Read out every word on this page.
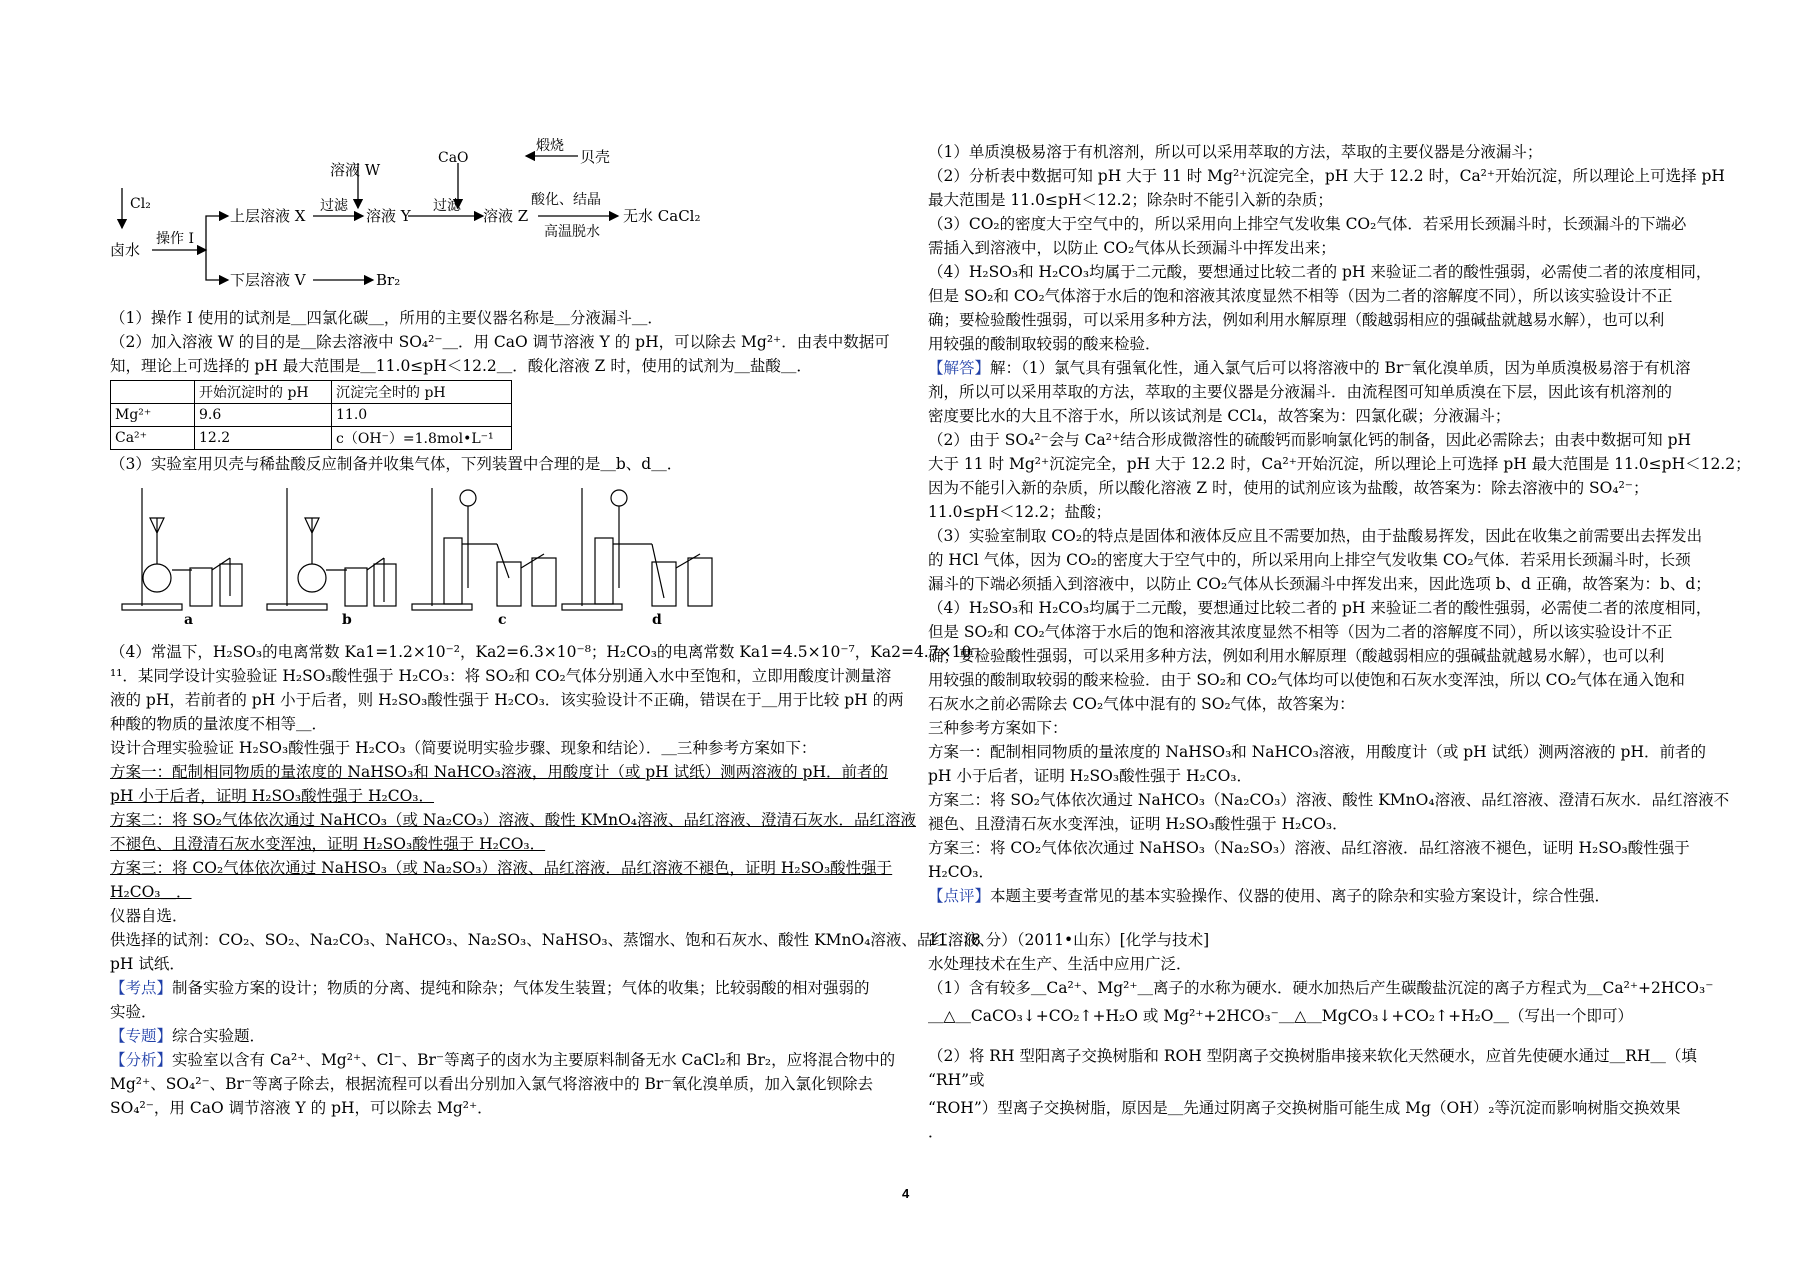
Cl₂
卤水
操作 I
上层溶液 X
下层溶液 V	Br₂
溶液 W
过滤
溶液 Y
CaO
煅烧
贝壳
过滤
溶液 Z
酸化、结晶
高温脱水
无水 CaCl₂

（1）操作 I 使用的试剂是＿四氯化碳＿，所用的主要仪器名称是＿分液漏斗＿．

（2）加入溶液 W 的目的是＿除去溶液中 SO₄²⁻＿．用 CaO 调节溶液 Y 的 pH，可以除去 Mg²⁺．由表中数据可

知，理论上可选择的 pH 最大范围是＿11.0≤pH＜12.2＿．酸化溶液 Z 时，使用的试剂为＿盐酸＿．

	开始沉淀时的 pH	沉淀完全时的 pH
Mg²⁺	9.6	11.0
Ca²⁺	12.2	c（OH⁻）=1.8mol•L⁻¹

（3）实验室用贝壳与稀盐酸反应制备并收集气体，下列装置中合理的是＿b、d＿．

a	b	c	d

（4）常温下，H₂SO₃的电离常数 Ka1=1.2×10⁻²，Ka2=6.3×10⁻⁸；H₂CO₃的电离常数 Ka1=4.5×10⁻⁷，Ka2=4.7×10⁻

¹¹．某同学设计实验验证 H₂SO₃酸性强于 H₂CO₃：将 SO₂和 CO₂气体分别通入水中至饱和，立即用酸度计测量溶

液的 pH，若前者的 pH 小于后者，则 H₂SO₃酸性强于 H₂CO₃．该实验设计不正确，错误在于＿用于比较 pH 的两

种酸的物质的量浓度不相等＿．

设计合理实验验证 H₂SO₃酸性强于 H₂CO₃（简要说明实验步骤、现象和结论）．＿三种参考方案如下：

方案一：配制相同物质的量浓度的 NaHSO₃和 NaHCO₃溶液，用酸度计（或 pH 试纸）测两溶液的 pH．前者的

pH 小于后者，证明 H₂SO₃酸性强于 H₂CO₃．

方案二：将 SO₂气体依次通过 NaHCO₃（或 Na₂CO₃）溶液、酸性 KMnO₄溶液、品红溶液、澄清石灰水．品红溶液

不褪色、且澄清石灰水变浑浊，证明 H₂SO₃酸性强于 H₂CO₃．

方案三：将 CO₂气体依次通过 NaHSO₃（或 Na₂SO₃）溶液、品红溶液．品红溶液不褪色，证明 H₂SO₃酸性强于

H₂CO₃＿．

仪器自选．

供选择的试剂：CO₂、SO₂、Na₂CO₃、NaHCO₃、Na₂SO₃、NaHSO₃、蒸馏水、饱和石灰水、酸性 KMnO₄溶液、品红溶液、

pH 试纸．

【考点】制备实验方案的设计；物质的分离、提纯和除杂；气体发生装置；气体的收集；比较弱酸的相对强弱的

实验．

【专题】综合实验题．

【分析】实验室以含有 Ca²⁺、Mg²⁺、Cl⁻、Br⁻等离子的卤水为主要原料制备无水 CaCl₂和 Br₂，应将混合物中的

Mg²⁺、SO₄²⁻、Br⁻等离子除去，根据流程可以看出分别加入氯气将溶液中的 Br⁻氧化溴单质，加入氯化钡除去

SO₄²⁻，用 CaO 调节溶液 Y 的 pH，可以除去 Mg²⁺．

（1）单质溴极易溶于有机溶剂，所以可以采用萃取的方法，萃取的主要仪器是分液漏斗；

（2）分析表中数据可知 pH 大于 11 时 Mg²⁺沉淀完全，pH 大于 12.2 时，Ca²⁺开始沉淀，所以理论上可选择 pH

最大范围是 11.0≤pH＜12.2；除杂时不能引入新的杂质；

（3）CO₂的密度大于空气中的，所以采用向上排空气发收集 CO₂气体．若采用长颈漏斗时，长颈漏斗的下端必

需插入到溶液中，以防止 CO₂气体从长颈漏斗中挥发出来；

（4）H₂SO₃和 H₂CO₃均属于二元酸，要想通过比较二者的 pH 来验证二者的酸性强弱，必需使二者的浓度相同，

但是 SO₂和 CO₂气体溶于水后的饱和溶液其浓度显然不相等（因为二者的溶解度不同），所以该实验设计不正

确；要检验酸性强弱，可以采用多种方法，例如利用水解原理（酸越弱相应的强碱盐就越易水解），也可以利

用较强的酸制取较弱的酸来检验．

【解答】解：（1）氯气具有强氧化性，通入氯气后可以将溶液中的 Br⁻氧化溴单质，因为单质溴极易溶于有机溶

剂，所以可以采用萃取的方法，萃取的主要仪器是分液漏斗．由流程图可知单质溴在下层，因此该有机溶剂的

密度要比水的大且不溶于水，所以该试剂是 CCl₄，故答案为：四氯化碳；分液漏斗；

（2）由于 SO₄²⁻会与 Ca²⁺结合形成微溶性的硫酸钙而影响氯化钙的制备，因此必需除去；由表中数据可知 pH

大于 11 时 Mg²⁺沉淀完全，pH 大于 12.2 时，Ca²⁺开始沉淀，所以理论上可选择 pH 最大范围是 11.0≤pH＜12.2；

因为不能引入新的杂质，所以酸化溶液 Z 时，使用的试剂应该为盐酸，故答案为：除去溶液中的 SO₄²⁻；

11.0≤pH＜12.2；盐酸；

（3）实验室制取 CO₂的特点是固体和液体反应且不需要加热，由于盐酸易挥发，因此在收集之前需要出去挥发出

的 HCl 气体，因为 CO₂的密度大于空气中的，所以采用向上排空气发收集 CO₂气体．若采用长颈漏斗时，长颈

漏斗的下端必须插入到溶液中，以防止 CO₂气体从长颈漏斗中挥发出来，因此选项 b、d 正确，故答案为：b、d；

（4）H₂SO₃和 H₂CO₃均属于二元酸，要想通过比较二者的 pH 来验证二者的酸性强弱，必需使二者的浓度相同，

但是 SO₂和 CO₂气体溶于水后的饱和溶液其浓度显然不相等（因为二者的溶解度不同），所以该实验设计不正

确；要检验酸性强弱，可以采用多种方法，例如利用水解原理（酸越弱相应的强碱盐就越易水解），也可以利

用较强的酸制取较弱的酸来检验．由于 SO₂和 CO₂气体均可以使饱和石灰水变浑浊，所以 CO₂气体在通入饱和

石灰水之前必需除去 CO₂气体中混有的 SO₂气体，故答案为：

三种参考方案如下：

方案一：配制相同物质的量浓度的 NaHSO₃和 NaHCO₃溶液，用酸度计（或 pH 试纸）测两溶液的 pH．前者的

pH 小于后者，证明 H₂SO₃酸性强于 H₂CO₃．

方案二：将 SO₂气体依次通过 NaHCO₃（Na₂CO₃）溶液、酸性 KMnO₄溶液、品红溶液、澄清石灰水．品红溶液不

褪色、且澄清石灰水变浑浊，证明 H₂SO₃酸性强于 H₂CO₃．

方案三：将 CO₂气体依次通过 NaHSO₃（Na₂SO₃）溶液、品红溶液．品红溶液不褪色，证明 H₂SO₃酸性强于

H₂CO₃．

【点评】本题主要考查常见的基本实验操作、仪器的使用、离子的除杂和实验方案设计，综合性强．

11．（8 分）（2011•山东）[化学与技术]

水处理技术在生产、生活中应用广泛．

（1）含有较多＿Ca²⁺、Mg²⁺＿离子的水称为硬水．硬水加热后产生碳酸盐沉淀的离子方程式为＿Ca²⁺+2HCO₃⁻

＿△＿CaCO₃↓+CO₂↑+H₂O 或 Mg²⁺+2HCO₃⁻＿△＿MgCO₃↓+CO₂↑+H₂O＿（写出一个即可）

（2）将 RH 型阳离子交换树脂和 ROH 型阴离子交换树脂串接来软化天然硬水，应首先使硬水通过＿RH＿（填

“RH”或

“ROH”）型离子交换树脂，原因是＿先通过阴离子交换树脂可能生成 Mg（OH）₂等沉淀而影响树脂交换效果

．

4
